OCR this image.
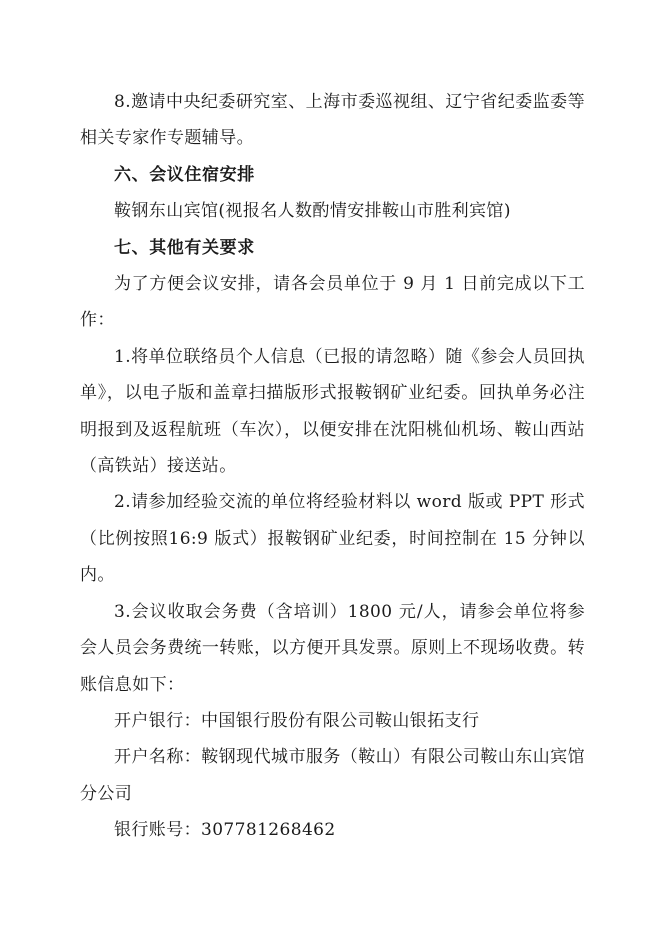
8.邀请中央纪委研究室、上海市委巡视组、辽宁省纪委监委等相关专家作专题辅导。

六、会议住宿安排

鞍钢东山宾馆(视报名人数酌情安排鞍山市胜利宾馆)

七、其他有关要求

为了方便会议安排，请各会员单位于 9 月 1 日前完成以下工作：

1.将单位联络员个人信息（已报的请忽略）随《参会人员回执单》，以电子版和盖章扫描版形式报鞍钢矿业纪委。回执单务必注明报到及返程航班（车次），以便安排在沈阳桃仙机场、鞍山西站（高铁站）接送站。

2.请参加经验交流的单位将经验材料以 word 版或 PPT 形式（比例按照16:9 版式）报鞍钢矿业纪委，时间控制在 15 分钟以内。

3.会议收取会务费（含培训）1800 元/人，请参会单位将参会人员会务费统一转账，以方便开具发票。原则上不现场收费。转账信息如下：

开户银行：中国银行股份有限公司鞍山银拓支行

开户名称：鞍钢现代城市服务（鞍山）有限公司鞍山东山宾馆分公司

银行账号：307781268462
